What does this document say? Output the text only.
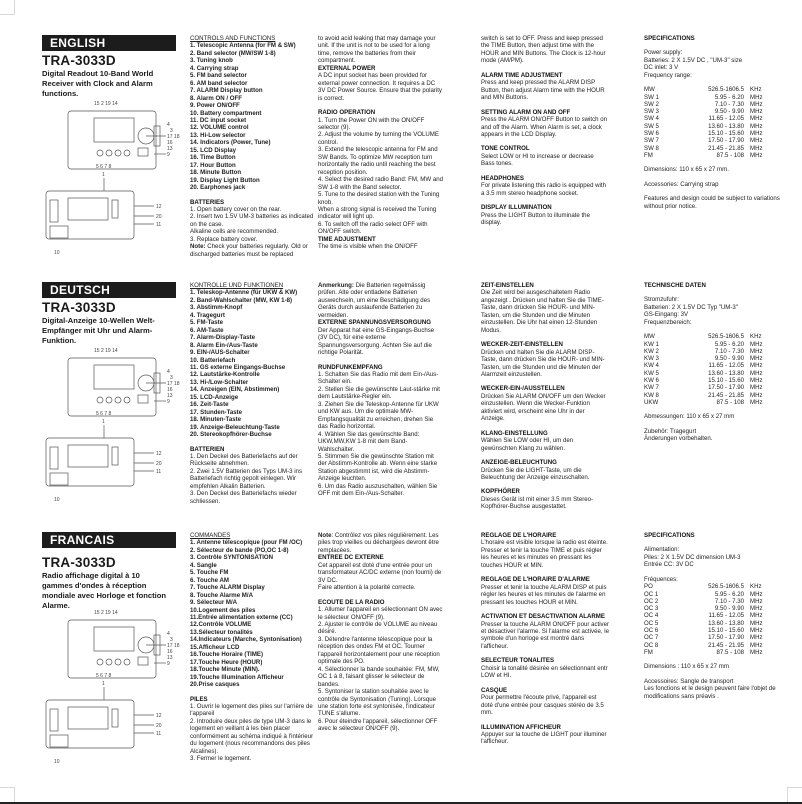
ENGLISH
TRA-3033D
Digital Readout 10-Band World Receiver with Clock and Alarm functions.
15 2 19 14
4
3
17 18
16
13
9
5 6 7 8
1
12
20
11
10
CONTROLS AND FUNCTIONS
1. Telescopic Antenna (for FM & SW)
2. Band selector (MW/SW 1-8)
3. Tuning knob
4. Carrying strap
5. FM band selector
6. AM band selector
7. ALARM Display button
8. Alarm ON / OFF
9. Power ON/OFF
10. Battery compartment
11. DC input socket
12. VOLUME control
13. Hi-Low selector
14. Indicators (Power, Tune)
15. LCD Display
16. Time Button
17. Hour Button
18. Minute Button
19. Display Light Button
20. Earphones jack
BATTERIES

1. Open battery cover on the rear.

2. Insert two 1.5V UM-3 batteries as indicated on the case.

Alkaline cells are recommended.

3. Replace battery cover.

Note: Check your batteries regularly. Old or discharged batteries must be replaced

to avoid acid leaking that may damage your unit. If the unit is not to be used for a long time, remove the batteries from their compartment.

EXTERNAL POWER

A DC input socket has been provided for external power connection. It requires a DC 3V DC Power Source. Ensure that the polarity is correct.

RADIO OPERATION

1. Turn the Power ON with the ON/OFF selector (9).

2. Adjust the volume by turning the VOLUME control.

3. Extend the telescopic antenna for FM and SW Bands. To optimize MW reception turn horizontally the radio until reaching the best reception position.

4. Select the desired radio Band: FM, MW and SW 1-8 with the Band selector.

5. Tune to the desired station with the Tuning knob.

When a strong signal is received the Tuning indicator will light up.

6. To switch off the radio select OFF with ON/OFF switch.

TIME ADJUSTMENT

The time is visible when the ON/OFF

switch is set to OFF. Press and keep pressed the TIME Button, then adjust time with the HOUR and MIN Buttons. The Clock is 12-hour mode (AM/PM).

ALARM TIME ADJUSTMENT

Press and keep pressed the ALARM DISP Button, then adjust Alarm time with the HOUR and MIN Buttons.

SETTING ALARM ON AND OFF

Press the ALARM ON/OFF Button to switch on and off the Alarm. When Alarm is set, a clock appears in the LCD Display.

TONE CONTROL

Select LOW or HI to increase or decrease Bass tones.

HEADPHONES

For private listening this radio is equipped with a 3.5 mm stereo headphone socket.

DISPLAY ILLUMINATION

Press the LIGHT Button to illuminate the display.

SPECIFICATIONS

Power supply:

Batteries: 2 X 1.5V DC , "UM-3" size

DC inlet: 3 V

Frequency range:

MW	526.5-1606.5	KHz
SW 1	5.95 - 6.20	MHz
SW 2	7.10 - 7.30	MHz
SW 3	9.50 - 9.90	MHz
SW 4	11.65 - 12.05	MHz
SW 5	13.60 - 13.80	MHz
SW 6	15.10 - 15.60	MHz
SW 7	17.50 - 17.90	MHz
SW 8	21.45 - 21.85	MHz
FM	87.5 - 108	MHz

Dimensions: 110 x 65 x 27 mm.

Accessories: Carrying strap

Features and design could be subject to variations without prior notice.

DEUTSCH
TRA-3033D
Digital-Anzeige 10-Wellen Welt-Empfänger mit Uhr und Alarm-Funktion.
15 2 19 14
4
3
17 18
16
13
9
5 6 7 8
1
12
20
11
10
KONTROLLE UND FUNKTIONEN
1. Teleskop-Antenne (für UKW & KW)
2. Band-Wahlschalter (MW, KW 1-8)
3. Abstimm-Knopf
4. Tragegurt
5. FM-Taste
6. AM-Taste
7. Alarm-Display-Taste
8. Alarm Ein-/Aus-Taste
9. EIN-/AUS-Schalter
10. Batteriefach
11. GS externe Eingangs-Buchse
12. Lautstärke-Kontrolle
13. Hi-/Low-Schalter
14. Anzeigen (EIN, Abstimmen)
15. LCD-Anzeige
16. Zeit-Taste
17. Stunden-Taste
18. Minuten-Taste
19. Anzeige-Beleuchtung-Taste
20. Stereokopfhörer-Buchse
BATTERIEN

1. Den Deckel des Batteriefachs auf der Rückseite abnehmen.

2. Zwei 1.5V Batterien des Typs UM-3 ins Batteriefach richtig gepolt einlegen. Wir empfehlen Alkalin Batterien.

3. Den Deckel des Batteriefachs wieder schliessen.

Anmerkung: Die Batterien regelmässig prüfen. Alte oder entladene Batterien auswechseln, um eine Beschädigung des Geräts durch auslaufende Batterien zu vermeiden.

EXTERNE SPANNUNGSVERSORGUNG

Der Apparat hat eine GS-Eingangs-Buchse (3V DC), für eine externe Spannungsversorgung. Achten Sie auf die richtige Polarität.

RUNDFUNKEMPFANG

1. Schalten Sie das Radio mit dem Ein-/Aus-Schalter ein.

2. Stellen Sie die gewünschte Laut-stärke mit dem Lautstärke-Regler ein.

3. Ziehen Sie die Teleskop-Antenne für UKW und KW aus. Um die optimale MW-Empfangsqualität zu erreichen, drehen Sie das Radio horizontal.

4. Wählen Sie das gewünschte Band: UKW,MW,KW 1-8 mit dem Band-Wahlschalter.

5. Stimmen Sie die gewünschte Station mit der Abstimm-Kontrolle ab. Wenn eine starke Station abgestimmt ist, wird die Abstimm-Anzeige leuchten.

6. Um das Radio auszuschalten, wählen Sie OFF mit dem Ein-/Aus-Schalter.

ZEIT-EINSTELLEN

Die Zeit wird bei ausgeschaltetem Radio angezeigt . Drücken und halten Sie die TIME-Taste, dann drücken Sie HOUR- und MIN-Tasten, um die Stunden und die Minuten einzustellen. Die Uhr hat einen 12-Stunden Modus.

WECKER-ZEIT-EINSTELLEN

Drücken und halten Sie die ALARM DISP-Taste, dann drücken Sie die HOUR- und MIN-Tasten, um die Stunden und die Minuten der Alarmzeit einzustellen.

WECKER-EIN-/AUSSTELLEN

Drücken Sie ALARM ON/OFF um den Wecker einzustellen. Wenn die Wecker-Funktion aktiviert wird, erscheint eine Uhr in der Anzeige.

KLANG-EINSTELLUNG

Wählen Sie LOW oder HI, um den gewünschten Klang zu wählen.

ANZEIGE-BELEUCHTUNG

Drücken Sie die LIGHT-Taste, um die Beleuchtung der Anzeige einzuschalten.

KOPFHÖRER

Dieses Gerät ist mit einer 3.5 mm Stereo-Kopfhörer-Buchse ausgestattet.

TECHNISCHE DATEN

Stromzufuhr:

Batterien: 2 X 1.5V DC Typ "UM-3"

GS-Eingang: 3V

Frequenzbereich:

MW	526.5-1606.5	KHz
KW 1	5.95 - 6.20	MHz
KW 2	7.10 - 7.30	MHz
KW 3	9.50 - 9.90	MHz
KW 4	11.65 - 12.05	MHz
KW 5	13.60 - 13.80	MHz
KW 6	15.10 - 15.60	MHz
KW 7	17.50 - 17.90	MHz
KW 8	21.45 - 21.85	MHz
UKW	87.5 - 108	MHz

Abmessungen: 110 x 65 x 27 mm

Zubehör: Tragegurt

Änderungen vorbehalten.

FRANCAIS
TRA-3033D
Radio affichage digital à 10 gammes d'ondes à réception mondiale avec Horloge et fonction Alarme.
15 2 19 14
4
3
17 18
16
13
9
5 6 7 8
1
12
20
11
10
COMMANDES
1. Antenne télescopique (pour FM /OC)
2. Sélecteur de bande (PO,OC 1-8)
3. Contrôle SYNTONISATION
4. Sangle
5. Touche FM
6. Touche AM
7. Touche ALARM Display
8. Touche Alarme M/A
9. Sélecteur M/A
10.Logement des piles
11.Entrée alimentation externe (CC)
12.Contrôle VOLUME
13.Sélecteur tonalités
14.Indicateurs (Marche, Syntonisation)
15.Afficheur LCD
16.Touche Horaire (TIME)
17.Touche Heure (HOUR)
18.Touche Minute (MIN).
19.Touche Illumination Afficheur
20.Prise casques
PILES

1. Ouvrir le logement des piles sur l'arrière de l'appareil

2. Introduire deux piles de type UM-3 dans le logement en veillant à les bien placer conformément au schéma indiqué à l'intérieur du logement (nous recommandons des piles Alcalines).

3. Fermer le logement.

Note: Contrôlez vos piles régulièrement. Les piles trop vieilles ou déchargées devront être remplacées.

ENTREE DC EXTERNE

Cet appareil est doté d'une entrée pour un transformateur AC/DC externe (non fourni) de 3V DC.

Faire attention à la polarité correcte.

ECOUTE DE LA RADIO

1. Allumer l'appareil en sélectionnant ON avec le sélecteur ON/OFF (9).

2. Ajuster le contrôle de VOLUME au niveau désiré.

3. Détendre l'antenne télescopique pour la réception des ondes FM et OC. Tourner l'appareil horizontalement pour une réception optimale des PO.

4. Sélectionner la bande souhaitée: FM, MW, OC 1 à 8, faisant glisser le sélecteur de bandes.

5. Syntoniser la station souhaitée avec le contrôle de Syntonisation (Tuning). Lorsque une station forte est syntonisée, l'indicateur TUNE s'allume.

6. Pour éteindre l'appareil, sélectionner OFF avec le sélecteur ON/OFF (9).

REGLAGE DE L'HORAIRE

L'horaire est visible lorsque la radio est éteinte.

Presser et tenir la touche TIME et puis régler les heures et les minutes en pressant les touches HOUR et MIN.

REGLAGE DE L'HORAIRE D'ALARME

Presser et tenir la touche ALARM DISP et puis régler les heures et les minutes de l'alarme en pressant les touches HOUR et MIN.

ACTIVATION ET DESACTIVATION ALARME

Presser la touche ALARM ON/OFF pour activer et désactiver l'alarme. Si l'alarme est activée, le symbole d'un horloge est montré dans l'afficheur.

SELECTEUR TONALITES

Choisir la tonalité désirée en sélectionnant entr LOW et HI.

CASQUE

Pour permettre l'écoute privé, l'appareil est doté d'une entrée pour casques stéréo de 3.5 mm.

ILLUMINATION AFFICHEUR

Appuyer sur la touche de LIGHT pour illuminer l'afficheur.

SPECIFICATIONS

Alimentation:

Piles: 2 X 1.5V DC dimension UM-3

Entrée CC: 3V DC

Fréquences:

PO	526.5-1606.5	KHz
OC 1	5.95 - 6.20	MHz
OC 2	7.10 - 7.30	MHz
OC 3	9.50 - 9.90	MHz
OC 4	11.65 - 12.05	MHz
OC 5	13.60 - 13.80	MHz
OC 6	15.10 - 15.60	MHz
OC 7	17.50 - 17.90	MHz
OC 8	21.45 - 21.95	MHz
FM	87.5 - 108	MHz

Dimensions : 110 x 65 x 27 mm

Accessoires: Sangle de transport

Les fonctions et le design peuvent faire l'objet de modifications sans préavis .
